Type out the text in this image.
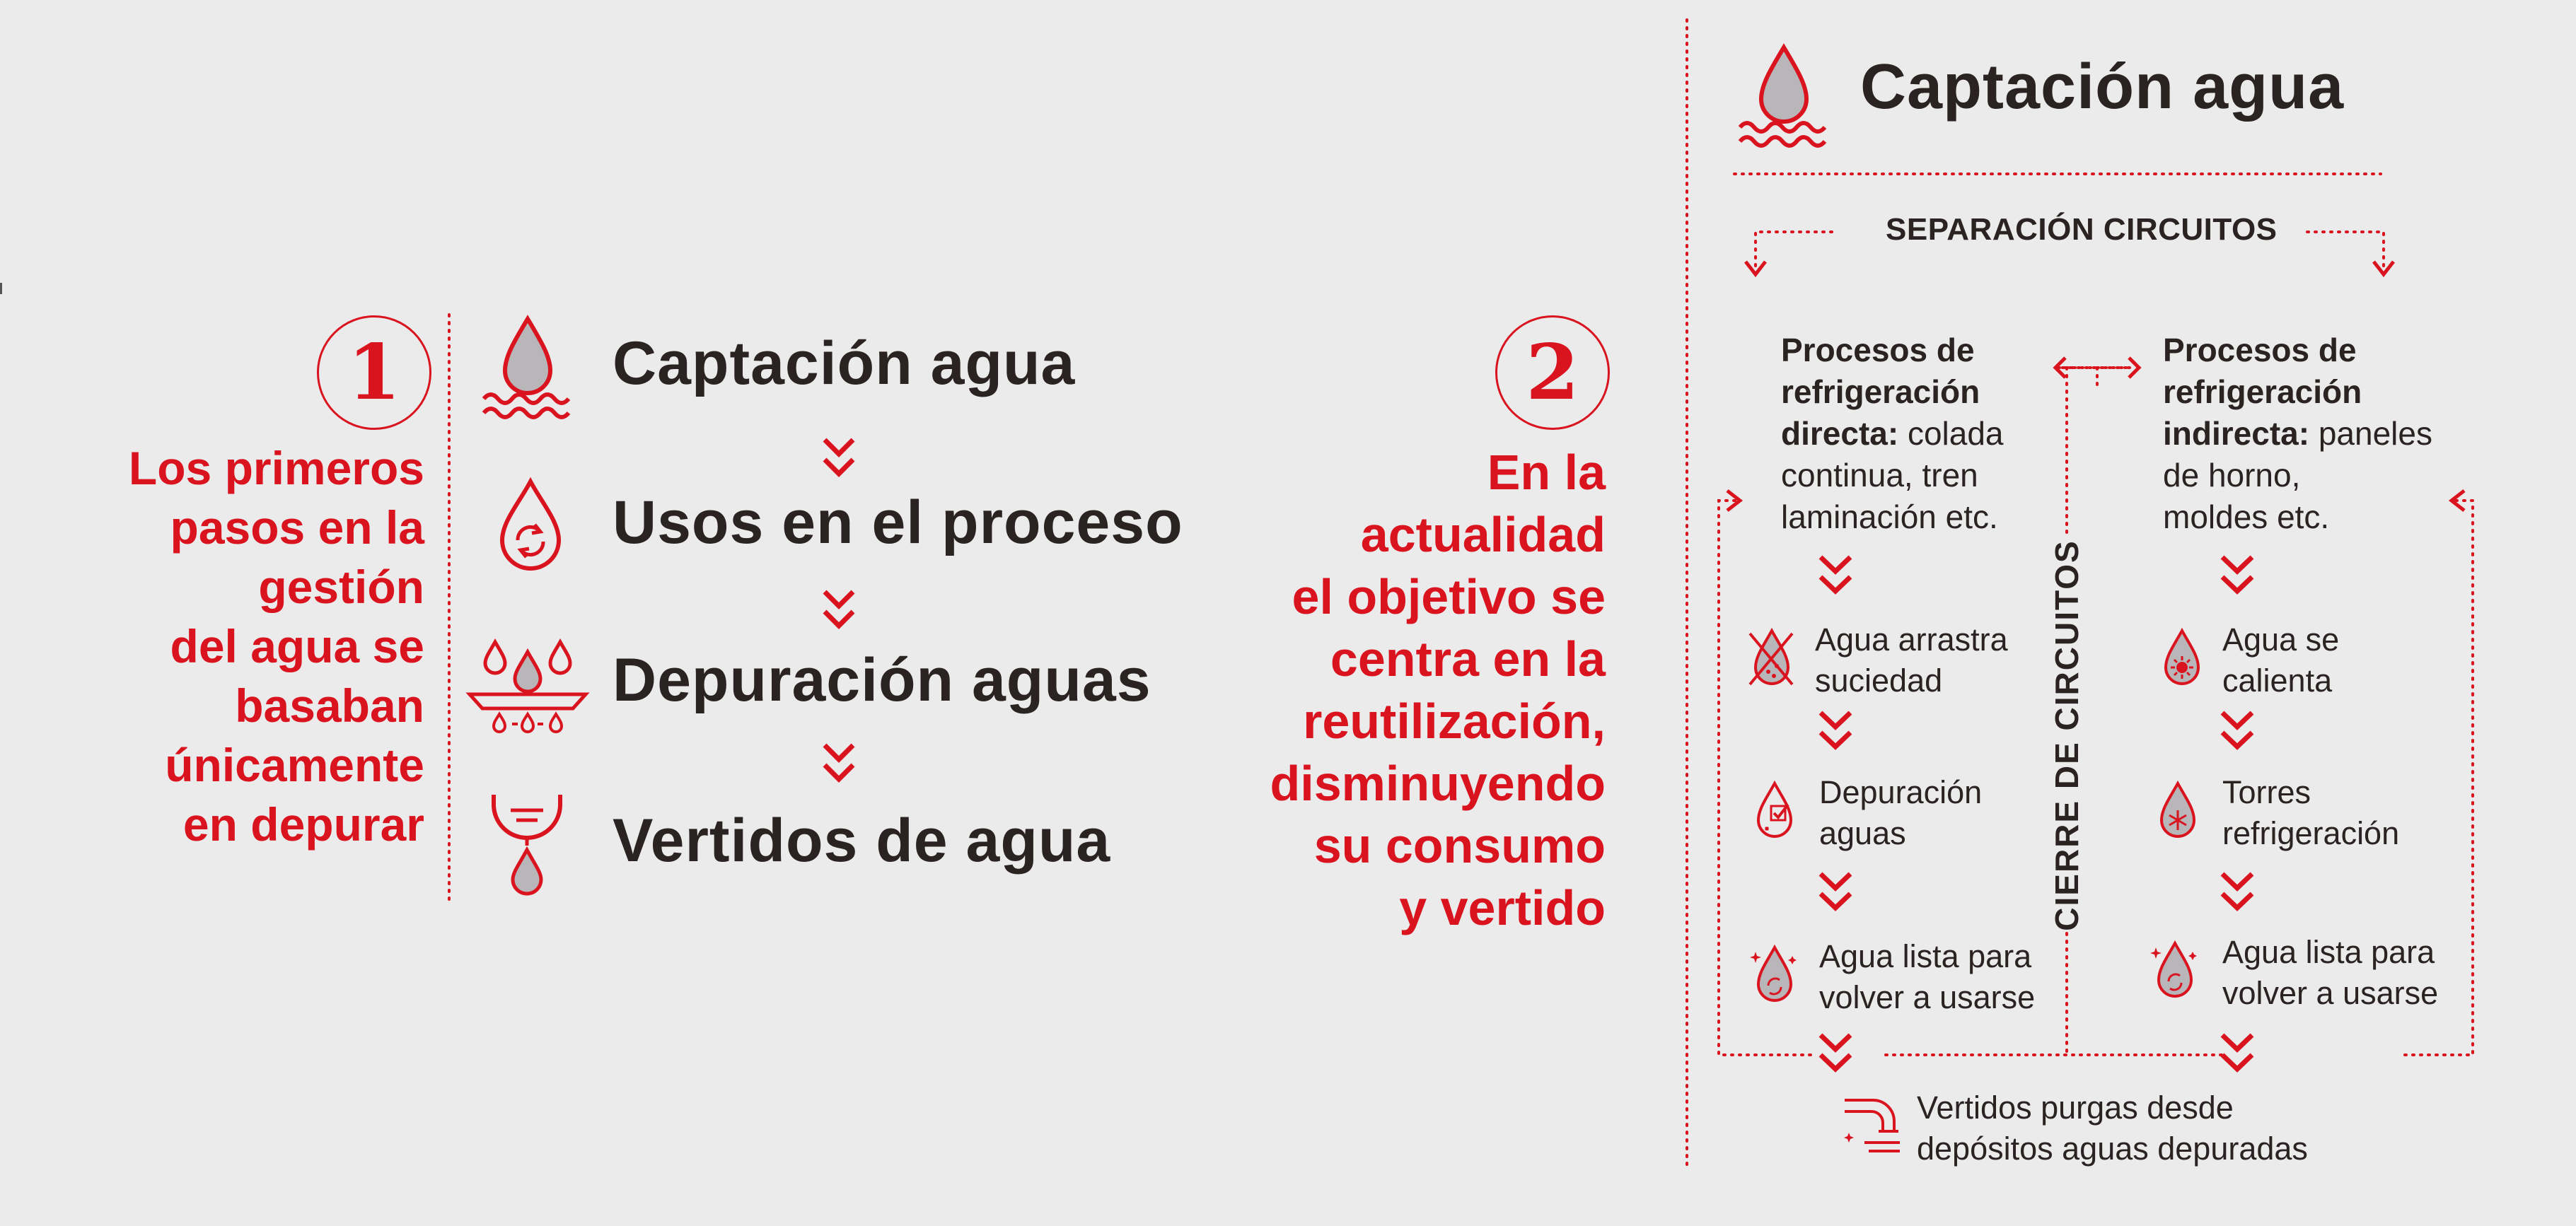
1
Los primeros
pasos en la
gestión
del agua se
basaban
únicamente
en depurar
Captación agua
Usos en el proceso
Depuración aguas
Vertidos de agua
2
En la
actualidad
el objetivo se
centra en la
reutilización,
disminuyendo
su consumo
y vertido
Captación agua
SEPARACIÓN CIRCUITOS
CIERRE DE CIRCUITOS
Procesos de
refrigeración
directa: colada
continua, tren
laminación etc.
Procesos de
refrigeración
indirecta: paneles
de horno,
moldes etc.
Agua arrastra
suciedad
Depuración
aguas
Agua lista para
volver a usarse
Agua se
calienta
Torres
refrigeración
Agua lista para
volver a usarse
Vertidos purgas desde
depósitos aguas depuradas
